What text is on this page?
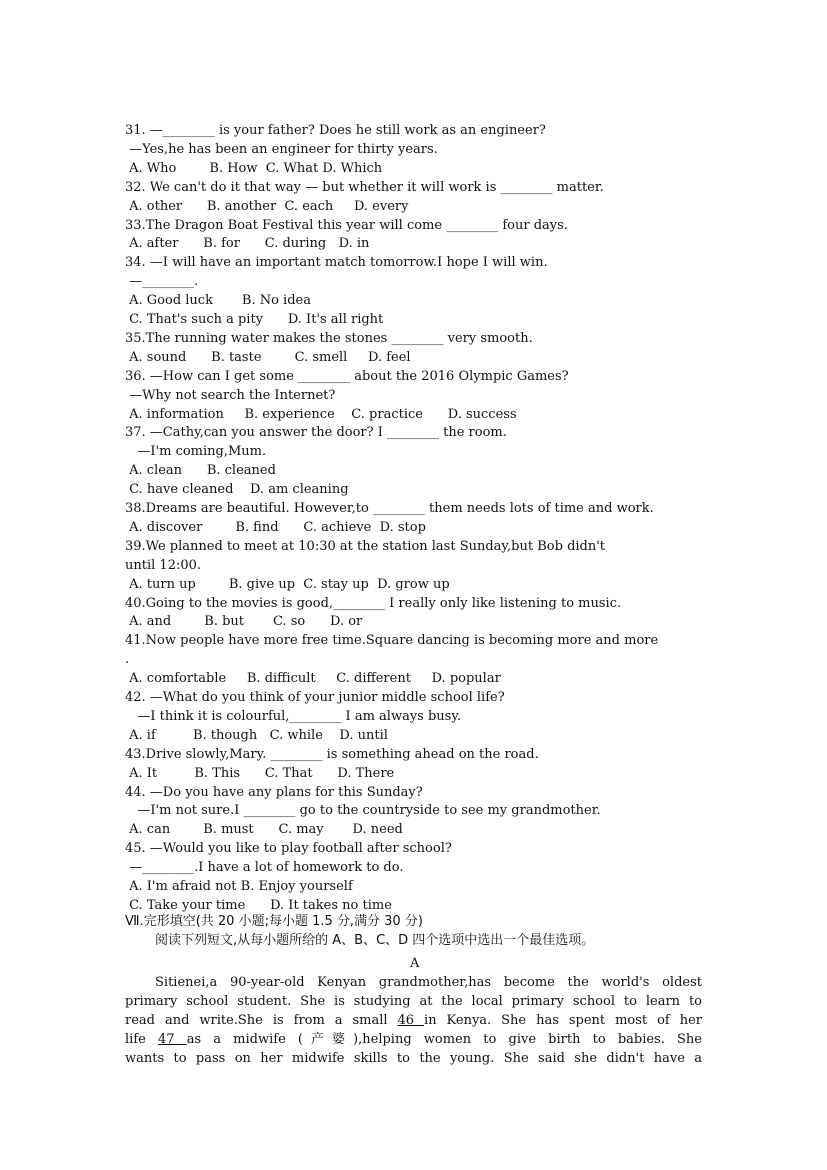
31. —________ is your father? Does he still work as an engineer?
—Yes,he has been an engineer for thirty years.
A. Who        B. How  C. What D. Which
32. We can't do it that way — but whether it will work is ________ matter.
A. other      B. another  C. each     D. every
33.The Dragon Boat Festival this year will come ________ four days.
A. after      B. for      C. during   D. in
34. —I will have an important match tomorrow.I hope I will win.
—________.
A. Good luck       B. No idea
C. That's such a pity      D. It's all right
35.The running water makes the stones ________ very smooth.
A. sound      B. taste        C. smell     D. feel
36. —How can I get some ________ about the 2016 Olympic Games?
—Why not search the Internet?
A. information     B. experience    C. practice      D. success
37. —Cathy,can you answer the door? I ________ the room.
—I'm coming,Mum.
A. clean      B. cleaned
C. have cleaned    D. am cleaning
38.Dreams are beautiful. However,to ________ them needs lots of time and work.
A. discover        B. find      C. achieve  D. stop
39.We planned to meet at 10:30 at the station last Sunday,but Bob didn't
until 12:00.
A. turn up        B. give up  C. stay up  D. grow up
40.Going to the movies is good,________ I really only like listening to music.
A. and        B. but       C. so      D. or
41.Now people have more free time.Square dancing is becoming more and more
.
A. comfortable     B. difficult     C. different     D. popular
42. —What do you think of your junior middle school life?
—I think it is colourful,________ I am always busy.
A. if         B. though   C. while    D. until
43.Drive slowly,Mary. ________ is something ahead on the road.
A. It         B. This      C. That      D. There
44. —Do you have any plans for this Sunday?
—I'm not sure.I ________ go to the countryside to see my grandmother.
A. can        B. must      C. may       D. need
45. —Would you like to play football after school?
—________.I have a lot of homework to do.
A. I'm afraid not B. Enjoy yourself
C. Take your time      D. It takes no time
Ⅶ.完形填空(共 20 小题;每小题 1.5 分,满分 30 分)
阅读下列短文,从每小题所给的 A、B、C、D 四个选项中选出一个最佳选项。
A
Sitienei,a 90-year-old Kenyan grandmother,has become the world's oldest
primary school student. She is studying at the local primary school to learn to
read and write.She is from a small 46 in Kenya. She has spent most of her
life 47 as a midwife (产婆),helping women to give birth to babies. She
wants to pass on her midwife skills to the young. She said she didn't have a
